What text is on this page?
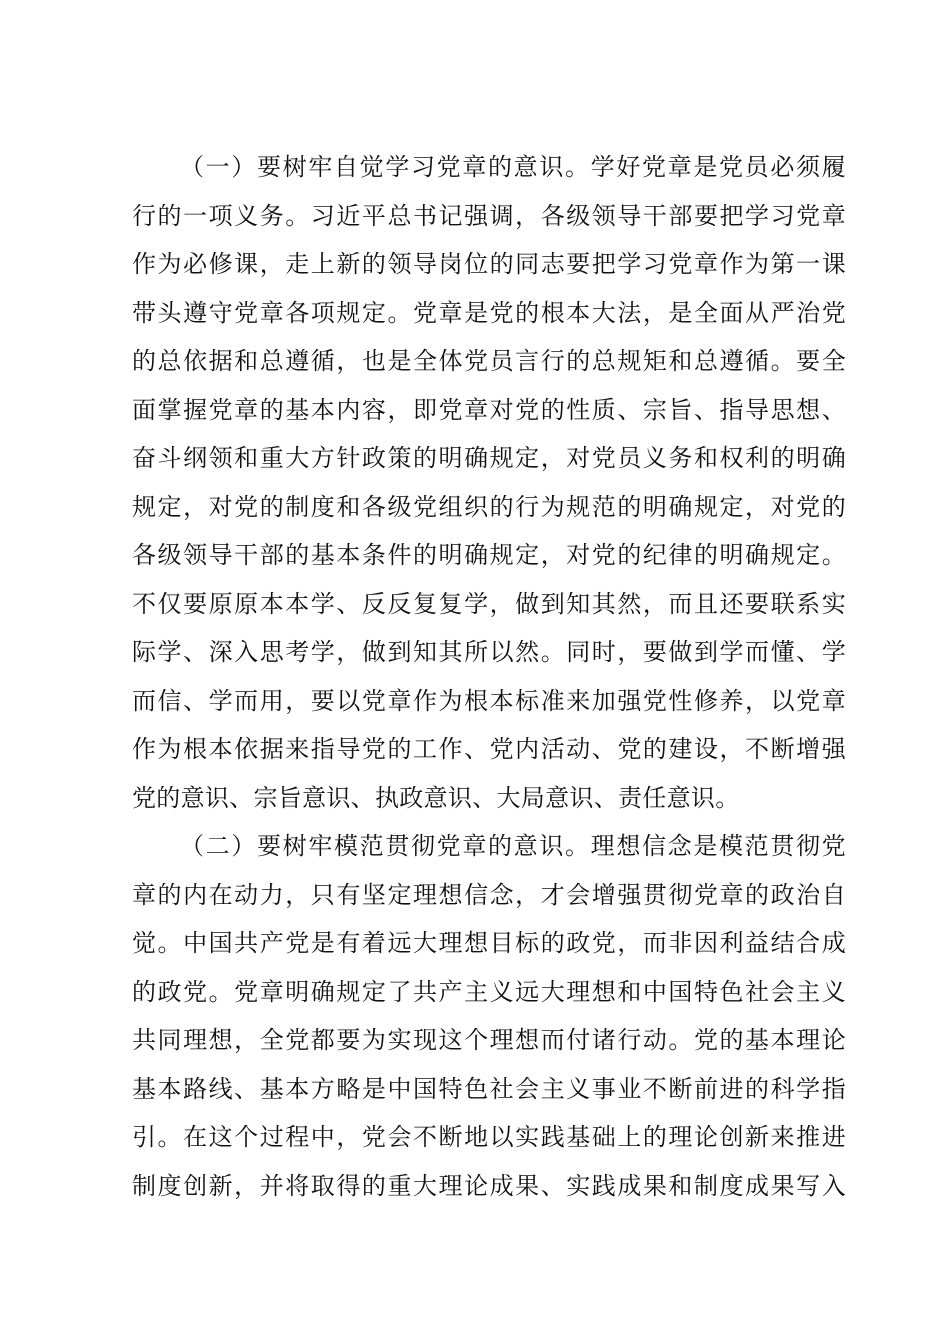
（一）要树牢自觉学习党章的意识。学好党章是党员必须履
行的一项义务。习近平总书记强调，各级领导干部要把学习党章
作为必修课，走上新的领导岗位的同志要把学习党章作为第一课
带头遵守党章各项规定。党章是党的根本大法，是全面从严治党
的总依据和总遵循，也是全体党员言行的总规矩和总遵循。要全
面掌握党章的基本内容，即党章对党的性质、宗旨、指导思想、
奋斗纲领和重大方针政策的明确规定，对党员义务和权利的明确
规定，对党的制度和各级党组织的行为规范的明确规定，对党的
各级领导干部的基本条件的明确规定，对党的纪律的明确规定。
不仅要原原本本学、反反复复学，做到知其然，而且还要联系实
际学、深入思考学，做到知其所以然。同时，要做到学而懂、学
而信、学而用，要以党章作为根本标准来加强党性修养，以党章
作为根本依据来指导党的工作、党内活动、党的建设，不断增强
党的意识、宗旨意识、执政意识、大局意识、责任意识。
（二）要树牢模范贯彻党章的意识。理想信念是模范贯彻党
章的内在动力，只有坚定理想信念，才会增强贯彻党章的政治自
觉。中国共产党是有着远大理想目标的政党，而非因利益结合成
的政党。党章明确规定了共产主义远大理想和中国特色社会主义
共同理想，全党都要为实现这个理想而付诸行动。党的基本理论
基本路线、基本方略是中国特色社会主义事业不断前进的科学指
引。在这个过程中，党会不断地以实践基础上的理论创新来推进
制度创新，并将取得的重大理论成果、实践成果和制度成果写入
